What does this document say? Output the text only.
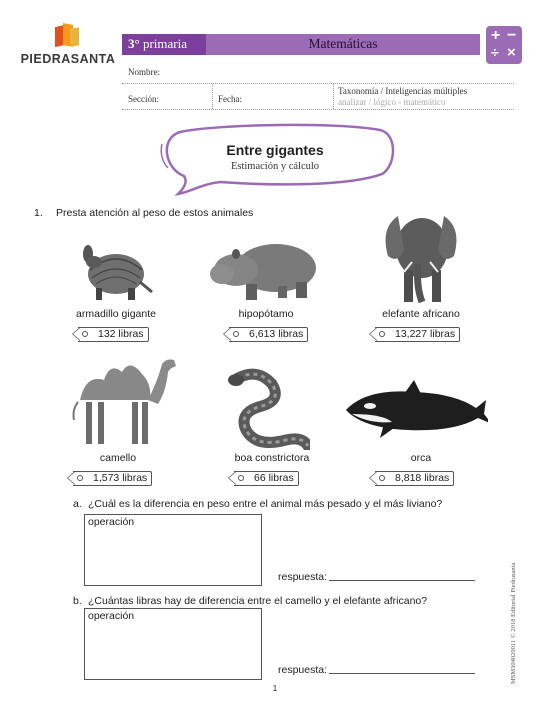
PIEDRASANTA
3° primaria	Matemáticas	+ −
÷ ×
Nombre:
Sección:	Fecha:
Taxonomía / Inteligencias múltiples
analizar / lógico - matemático
Entre gigantes
Estimación y cálculo
1. Presta atención al peso de estos animales
armadillo gigante
132 libras
hipopótamo
6,613 libras
elefante africano
13,227 libras
camello
1,573 libras
boa constrictora
66 libras
orca
8,818 libras
a. ¿Cuál es la diferencia en peso entre el animal más pesado y el más liviano?
operación
respuesta:
b. ¿Cuántas libras hay de diferencia entre el camello y el elefante africano?
operación
respuesta:	MSM304020011 © 2018 Editorial Piedrasanta
1
